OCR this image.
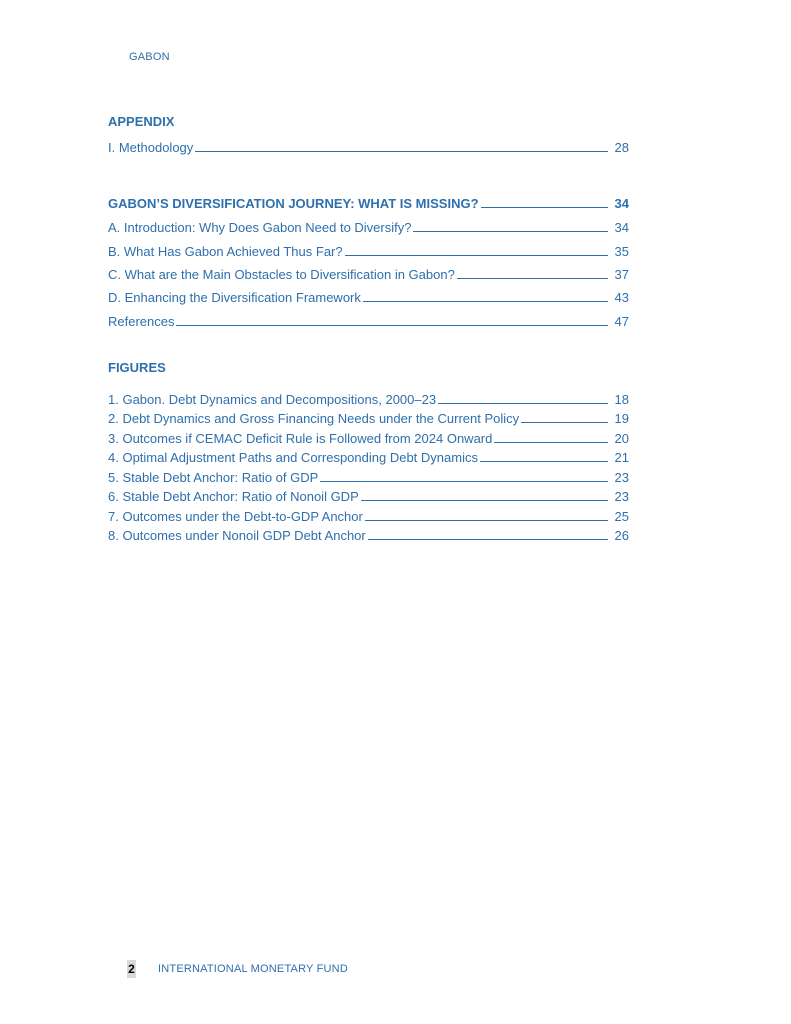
GABON
APPENDIX
I. Methodology	28
GABON’S DIVERSIFICATION JOURNEY: WHAT IS MISSING?	34
A. Introduction: Why Does Gabon Need to Diversify?	34
B. What Has Gabon Achieved Thus Far?	35
C. What are the Main Obstacles to Diversification in Gabon?	37
D. Enhancing the Diversification Framework	43
References	47
FIGURES
1. Gabon. Debt Dynamics and Decompositions, 2000–23	18
2. Debt Dynamics and Gross Financing Needs under the Current Policy	19
3. Outcomes if CEMAC Deficit Rule is Followed from 2024 Onward	20
4. Optimal Adjustment Paths and Corresponding Debt Dynamics	21
5. Stable Debt Anchor: Ratio of GDP	23
6. Stable Debt Anchor: Ratio of Nonoil GDP	23
7. Outcomes under the Debt-to-GDP Anchor	25
8. Outcomes under Nonoil GDP Debt Anchor	26
2 INTERNATIONAL MONETARY FUND
